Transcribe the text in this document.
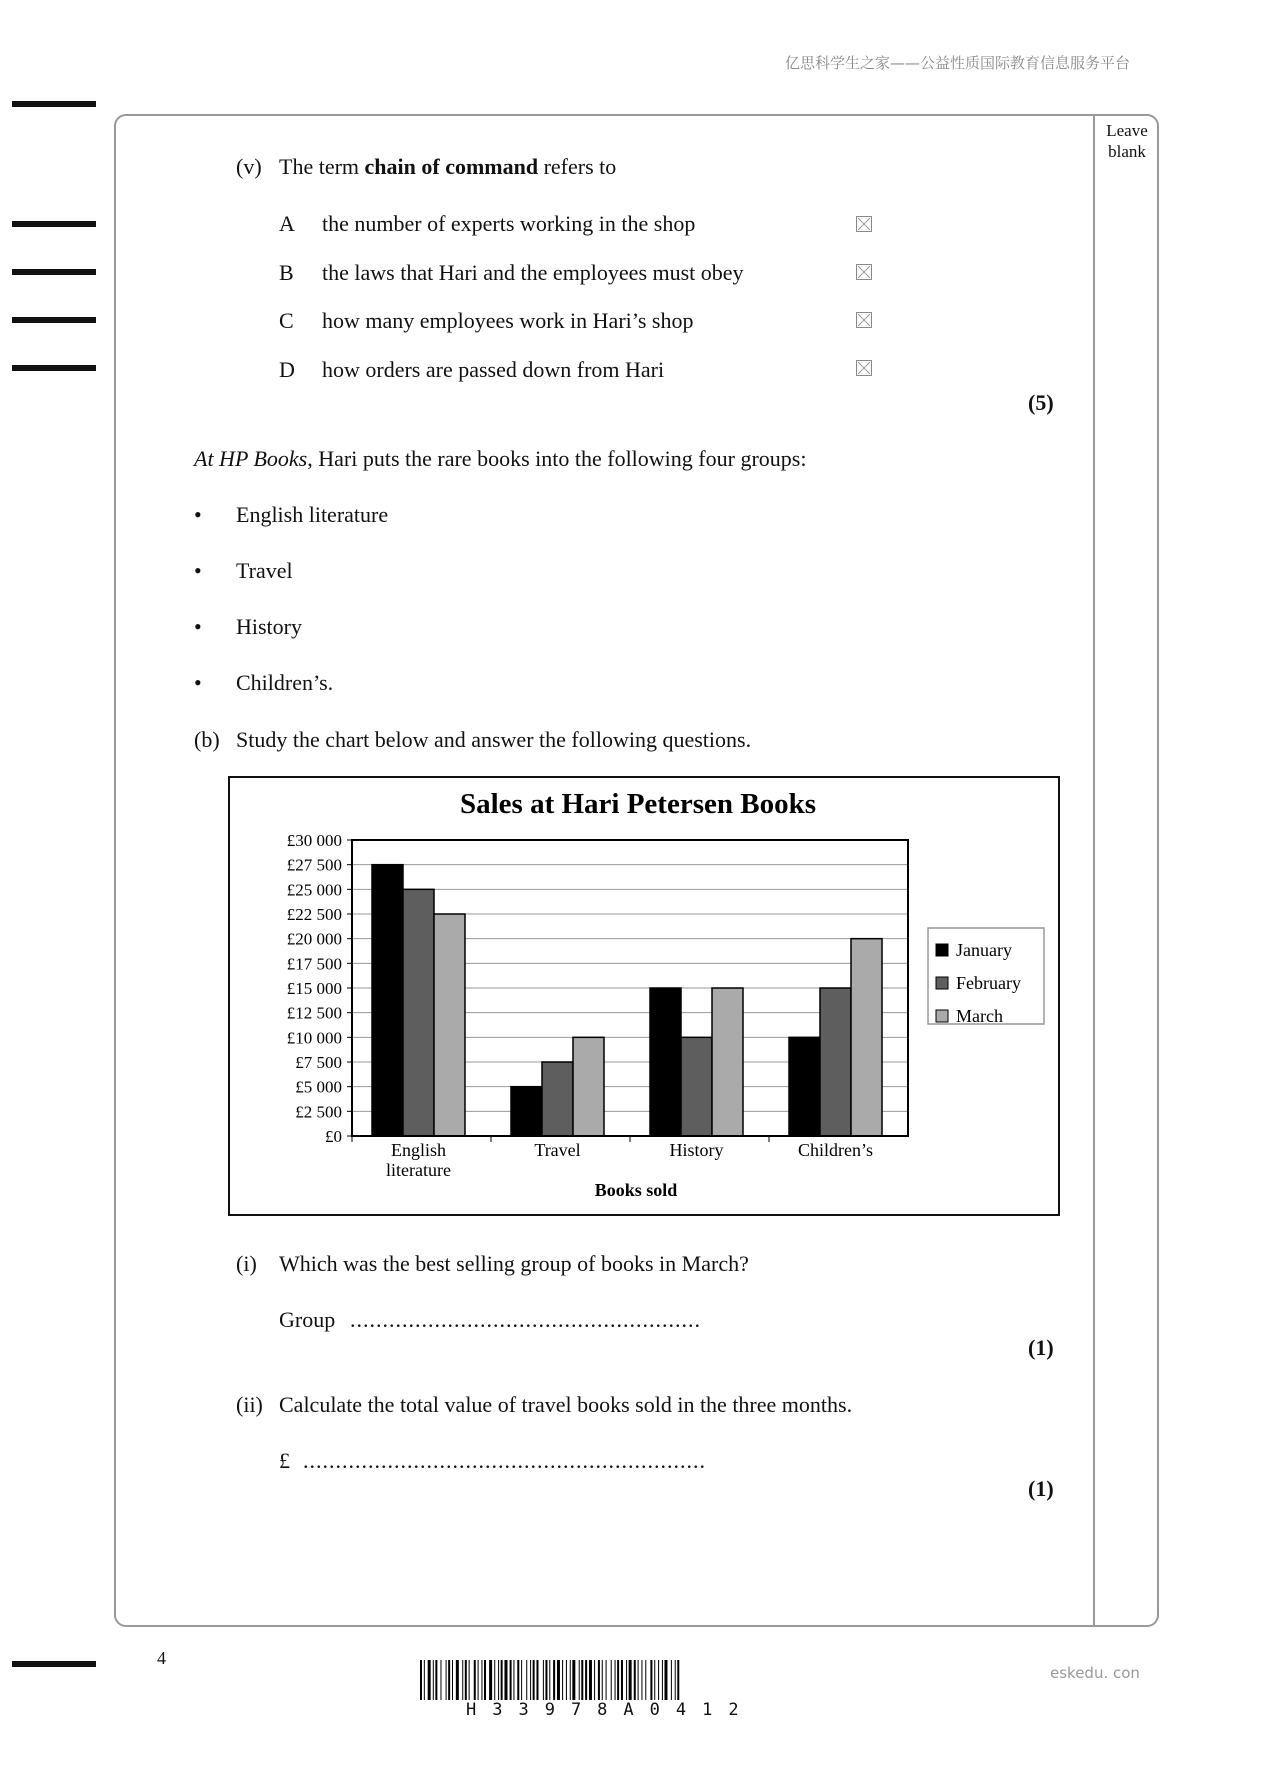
亿思科学生之家——公益性质国际教育信息服务平台
Leave blank
(v) The term chain of command refers to
A the number of experts working in the shop
B the laws that Hari and the employees must obey
C how many employees work in Hari’s shop
D how orders are passed down from Hari
(5)
At HP Books, Hari puts the rare books into the following four groups:
• English literature
• Travel
• History
• Children’s.
(b) Study the chart below and answer the following questions.
Sales at Hari Petersen Books
£0
£2 500
£5 000
£7 500
£10 000
£12 500
£15 000
£17 500
£20 000
£22 500
£25 000
£27 500
£30 000
English
literature
Travel	History	Children’s
Books sold
January
February
March
(i) Which was the best selling group of books in March?
Group ......................................................
(1)
(ii) Calculate the total value of travel books sold in the three months.
£ ..............................................................
(1)
4
H33978A0412
eskedu. con
